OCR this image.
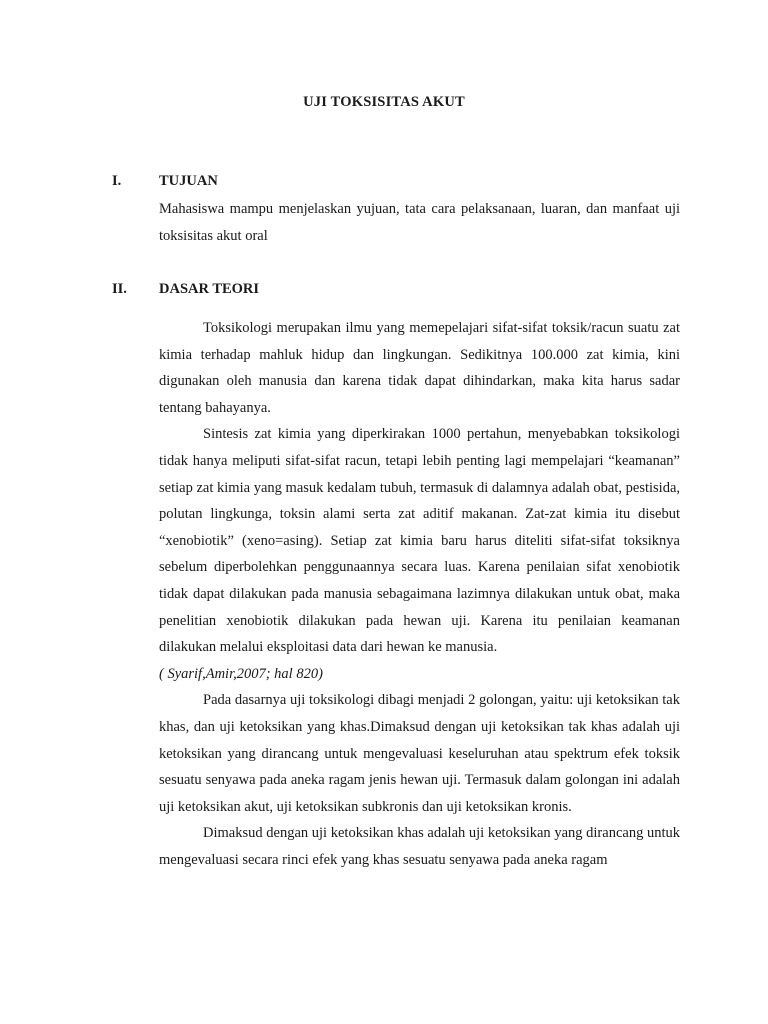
UJI TOKSISITAS AKUT
I.	TUJUAN

Mahasiswa mampu menjelaskan yujuan, tata cara pelaksanaan, luaran, dan manfaat uji toksisitas akut oral

II. DASAR TEORI

Toksikologi merupakan ilmu yang memepelajari sifat-sifat toksik/racun suatu zat kimia terhadap mahluk hidup dan lingkungan. Sedikitnya 100.000 zat kimia, kini digunakan oleh manusia dan karena tidak dapat dihindarkan, maka kita harus sadar tentang bahayanya.

Sintesis zat kimia yang diperkirakan 1000 pertahun, menyebabkan toksikologi tidak hanya meliputi sifat-sifat racun, tetapi lebih penting lagi mempelajari “keamanan” setiap zat kimia yang masuk kedalam tubuh, termasuk di dalamnya adalah obat, pestisida, polutan lingkunga, toksin alami serta zat aditif makanan. Zat-zat kimia itu disebut “xenobiotik” (xeno=asing). Setiap zat kimia baru harus diteliti sifat-sifat toksiknya sebelum diperbolehkan penggunaannya secara luas. Karena penilaian sifat xenobiotik tidak dapat dilakukan pada manusia sebagaimana lazimnya dilakukan untuk obat, maka penelitian xenobiotik dilakukan pada hewan uji. Karena itu penilaian keamanan dilakukan melalui eksploitasi data dari hewan ke manusia.

( Syarif,Amir,2007; hal 820)

Pada dasarnya uji toksikologi dibagi menjadi 2 golongan, yaitu: uji ketoksikan tak khas, dan uji ketoksikan yang khas.Dimaksud dengan uji ketoksikan tak khas adalah uji ketoksikan yang dirancang untuk mengevaluasi keseluruhan atau spektrum efek toksik sesuatu senyawa pada aneka ragam jenis hewan uji. Termasuk dalam golongan ini adalah uji ketoksikan akut, uji ketoksikan subkronis dan uji ketoksikan kronis.

Dimaksud dengan uji ketoksikan khas adalah uji ketoksikan yang dirancang untuk mengevaluasi secara rinci efek yang khas sesuatu senyawa pada aneka ragam
